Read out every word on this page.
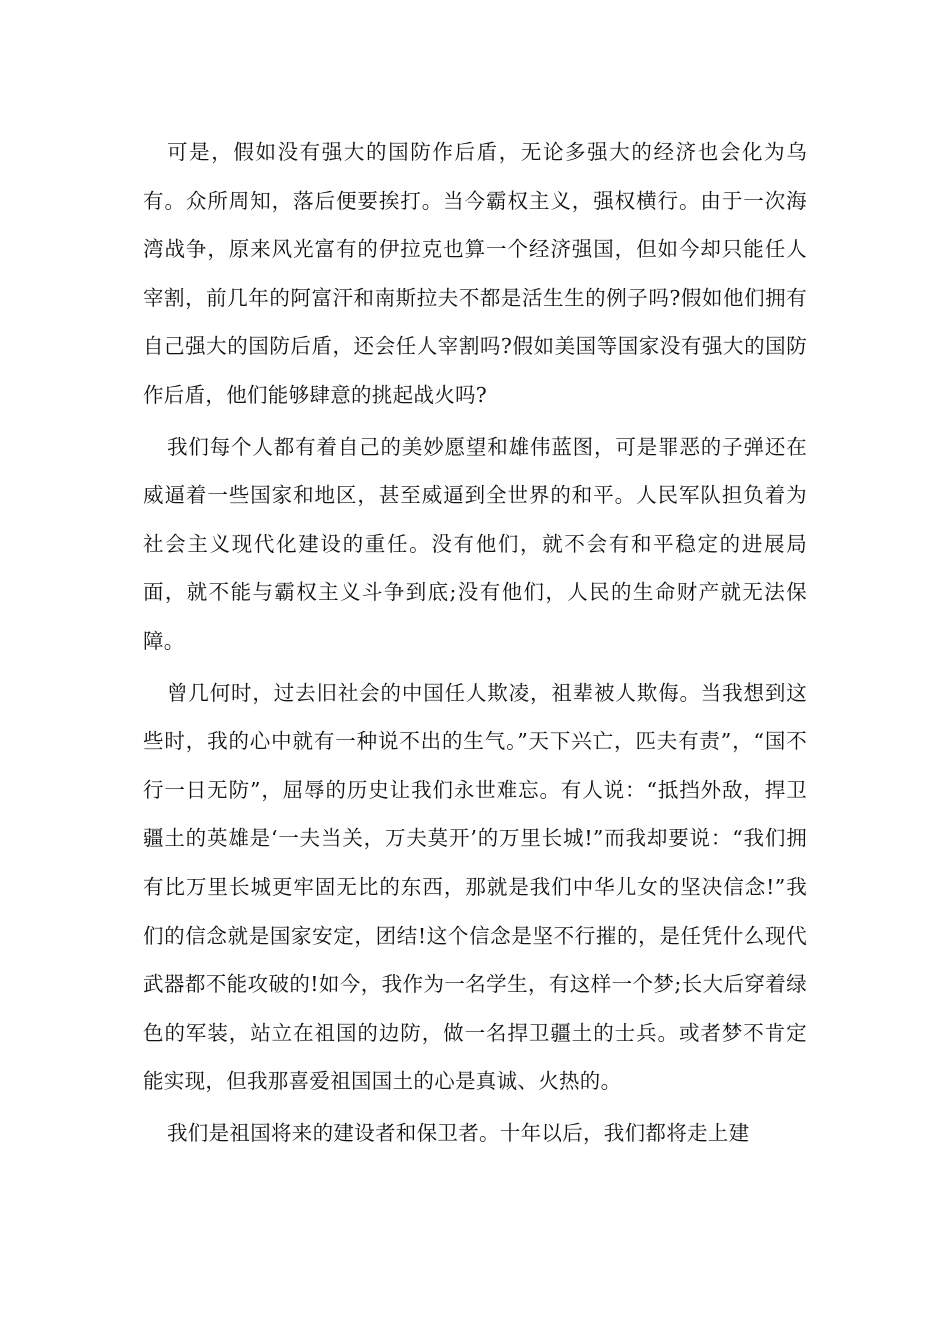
可是，假如没有强大的国防作后盾，无论多强大的经济也会化为乌有。众所周知，落后便要挨打。当今霸权主义，强权横行。由于一次海湾战争，原来风光富有的伊拉克也算一个经济强国，但如今却只能任人宰割，前几年的阿富汗和南斯拉夫不都是活生生的例子吗?假如他们拥有自己强大的国防后盾，还会任人宰割吗?假如美国等国家没有强大的国防作后盾，他们能够肆意的挑起战火吗?

我们每个人都有着自己的美妙愿望和雄伟蓝图，可是罪恶的子弹还在威逼着一些国家和地区，甚至威逼到全世界的和平。人民军队担负着为社会主义现代化建设的重任。没有他们，就不会有和平稳定的进展局面，就不能与霸权主义斗争到底;没有他们，人民的生命财产就无法保障。

曾几何时，过去旧社会的中国任人欺凌，祖辈被人欺侮。当我想到这些时，我的心中就有一种说不出的生气。”天下兴亡，匹夫有责”，“国不行一日无防”，屈辱的历史让我们永世难忘。有人说：“抵挡外敌，捍卫疆土的英雄是‘一夫当关，万夫莫开’的万里长城!”而我却要说：“我们拥有比万里长城更牢固无比的东西，那就是我们中华儿女的坚决信念!”我们的信念就是国家安定，团结!这个信念是坚不行摧的，是任凭什么现代武器都不能攻破的!如今，我作为一名学生，有这样一个梦;长大后穿着绿色的军装，站立在祖国的边防，做一名捍卫疆土的士兵。或者梦不肯定能实现，但我那喜爱祖国国土的心是真诚、火热的。

我们是祖国将来的建设者和保卫者。十年以后，我们都将走上建
